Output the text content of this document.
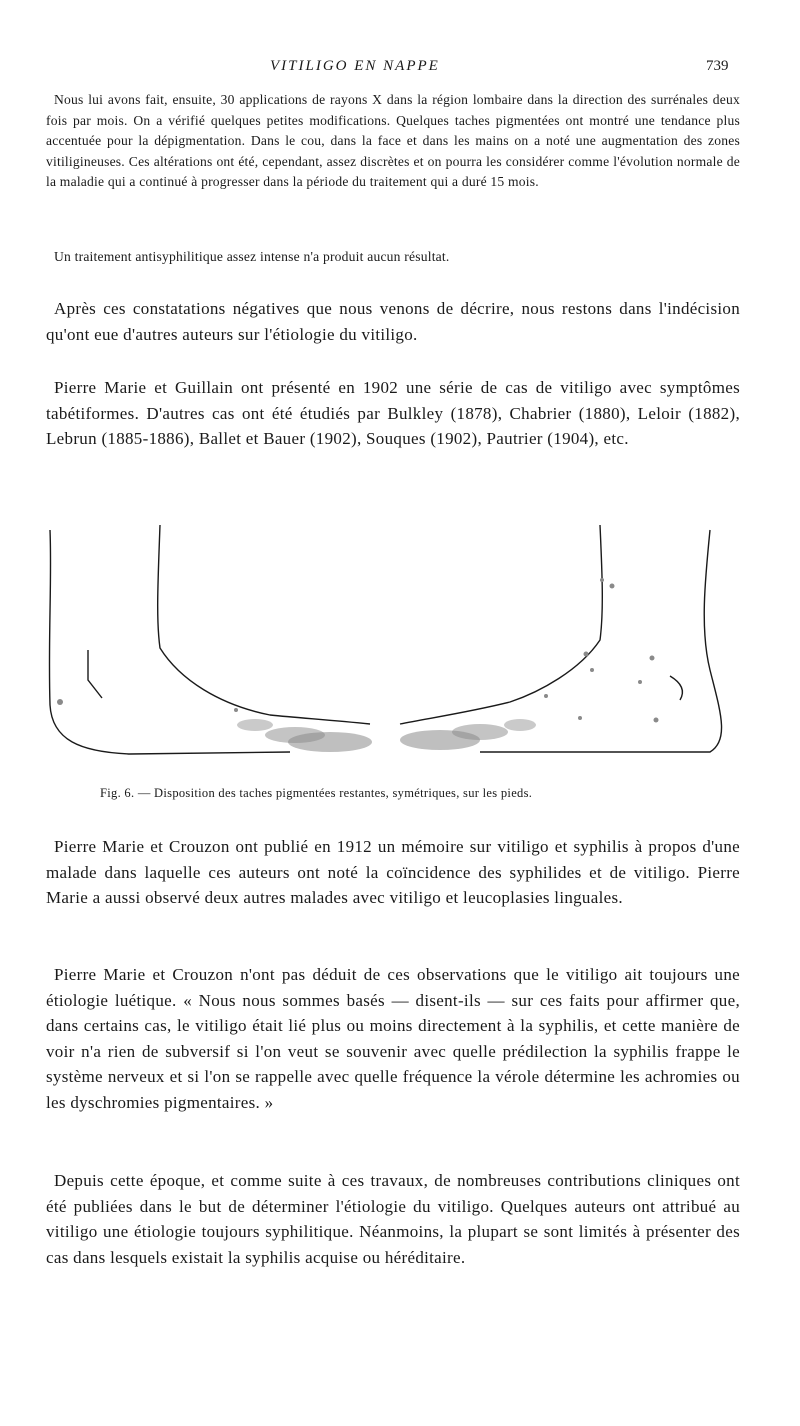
VITILIGO EN NAPPE	739

Nous lui avons fait, ensuite, 30 applications de rayons X dans la région lombaire dans la direction des surrénales deux fois par mois. On a vérifié quelques petites modifications. Quelques taches pigmentées ont montré une tendance plus accentuée pour la dépigmentation. Dans le cou, dans la face et dans les mains on a noté une augmentation des zones vitiligineuses. Ces altérations ont été, cependant, assez discrètes et on pourra les considérer comme l'évolution normale de la maladie qui a continué à progresser dans la période du traitement qui a duré 15 mois.

Un traitement antisyphilitique assez intense n'a produit aucun résultat.

Après ces constatations négatives que nous venons de décrire, nous restons dans l'indécision qu'ont eue d'autres auteurs sur l'étiologie du vitiligo.

Pierre Marie et Guillain ont présenté en 1902 une série de cas de vitiligo avec symptômes tabétiformes. D'autres cas ont été étudiés par Bulkley (1878), Chabrier (1880), Leloir (1882), Lebrun (1885-1886), Ballet et Bauer (1902), Souques (1902), Pautrier (1904), etc.

Fig. 6. — Disposition des taches pigmentées restantes, symétriques, sur les pieds.

Pierre Marie et Crouzon ont publié en 1912 un mémoire sur vitiligo et syphilis à propos d'une malade dans laquelle ces auteurs ont noté la coïncidence des syphilides et de vitiligo. Pierre Marie a aussi observé deux autres malades avec vitiligo et leucoplasies linguales.

Pierre Marie et Crouzon n'ont pas déduit de ces observations que le vitiligo ait toujours une étiologie luétique. « Nous nous sommes basés — disent-ils — sur ces faits pour affirmer que, dans certains cas, le vitiligo était lié plus ou moins directement à la syphilis, et cette manière de voir n'a rien de subversif si l'on veut se souvenir avec quelle prédilection la syphilis frappe le système nerveux et si l'on se rappelle avec quelle fréquence la vérole détermine les achromies ou les dyschromies pigmentaires. »

Depuis cette époque, et comme suite à ces travaux, de nombreuses contributions cliniques ont été publiées dans le but de déterminer l'étiologie du vitiligo. Quelques auteurs ont attribué au vitiligo une étiologie toujours syphilitique. Néanmoins, la plupart se sont limités à présenter des cas dans lesquels existait la syphilis acquise ou héréditaire.
